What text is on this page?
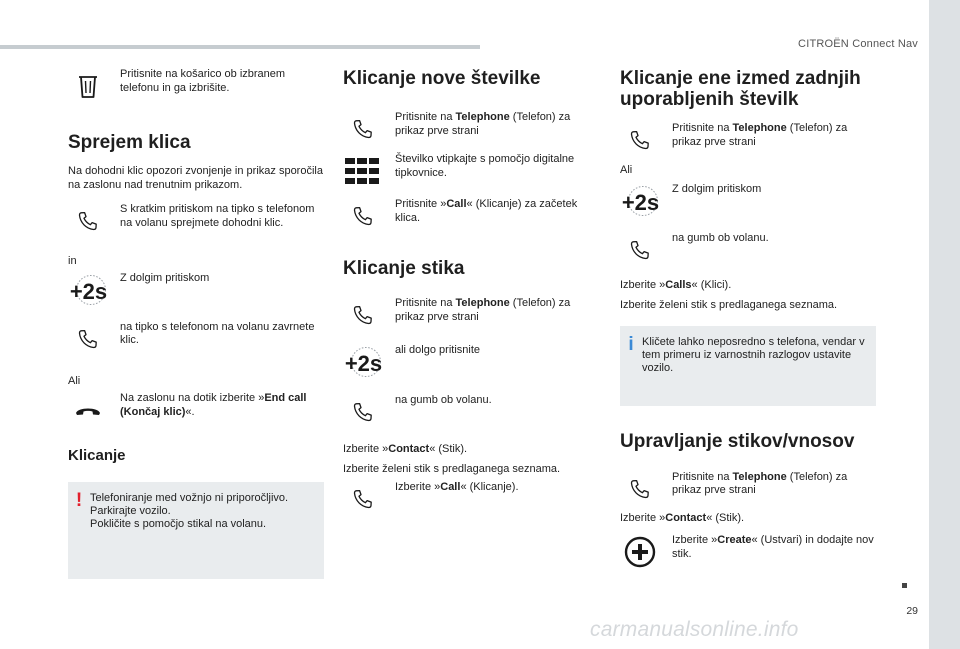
CITROËN Connect Nav
29
carmanualsonline.info
Pritisnite na košarico ob izbranem telefonu in ga izbrišite.
Sprejem klica
Na dohodni klic opozori zvonjenje in prikaz sporočila na zaslonu nad trenutnim prikazom.
S kratkim pritiskom na tipko s telefonom na volanu sprejmete dohodni klic.
in
Z dolgim pritiskom
na tipko s telefonom na volanu zavrnete klic.
Ali
Na zaslonu na dotik izberite »End call (Končaj klic)«.
Klicanje
! Telefoniranje med vožnjo ni priporočljivo.
Parkirajte vozilo.
Pokličite s pomočjo stikal na volanu.
Klicanje nove številke
Pritisnite na Telephone (Telefon) za prikaz prve strani
Številko vtipkajte s pomočjo digitalne tipkovnice.
Pritisnite »Call« (Klicanje) za začetek klica.
Klicanje stika
Pritisnite na Telephone (Telefon) za prikaz prve strani
ali dolgo pritisnite
na gumb ob volanu.
Izberite »Contact« (Stik).
Izberite želeni stik s predlaganega seznama.
Izberite »Call« (Klicanje).
Klicanje ene izmed zadnjih uporabljenih številk
Pritisnite na Telephone (Telefon) za prikaz prve strani
Ali
Z dolgim pritiskom
na gumb ob volanu.
Izberite »Calls« (Klici).
Izberite želeni stik s predlaganega seznama.
i Kličete lahko neposredno s telefona, vendar v tem primeru iz varnostnih razlogov ustavite vozilo.
Upravljanje stikov/vnosov
Pritisnite na Telephone (Telefon) za prikaz prve strani
Izberite »Contact« (Stik).
Izberite »Create« (Ustvari) in dodajte nov stik.
